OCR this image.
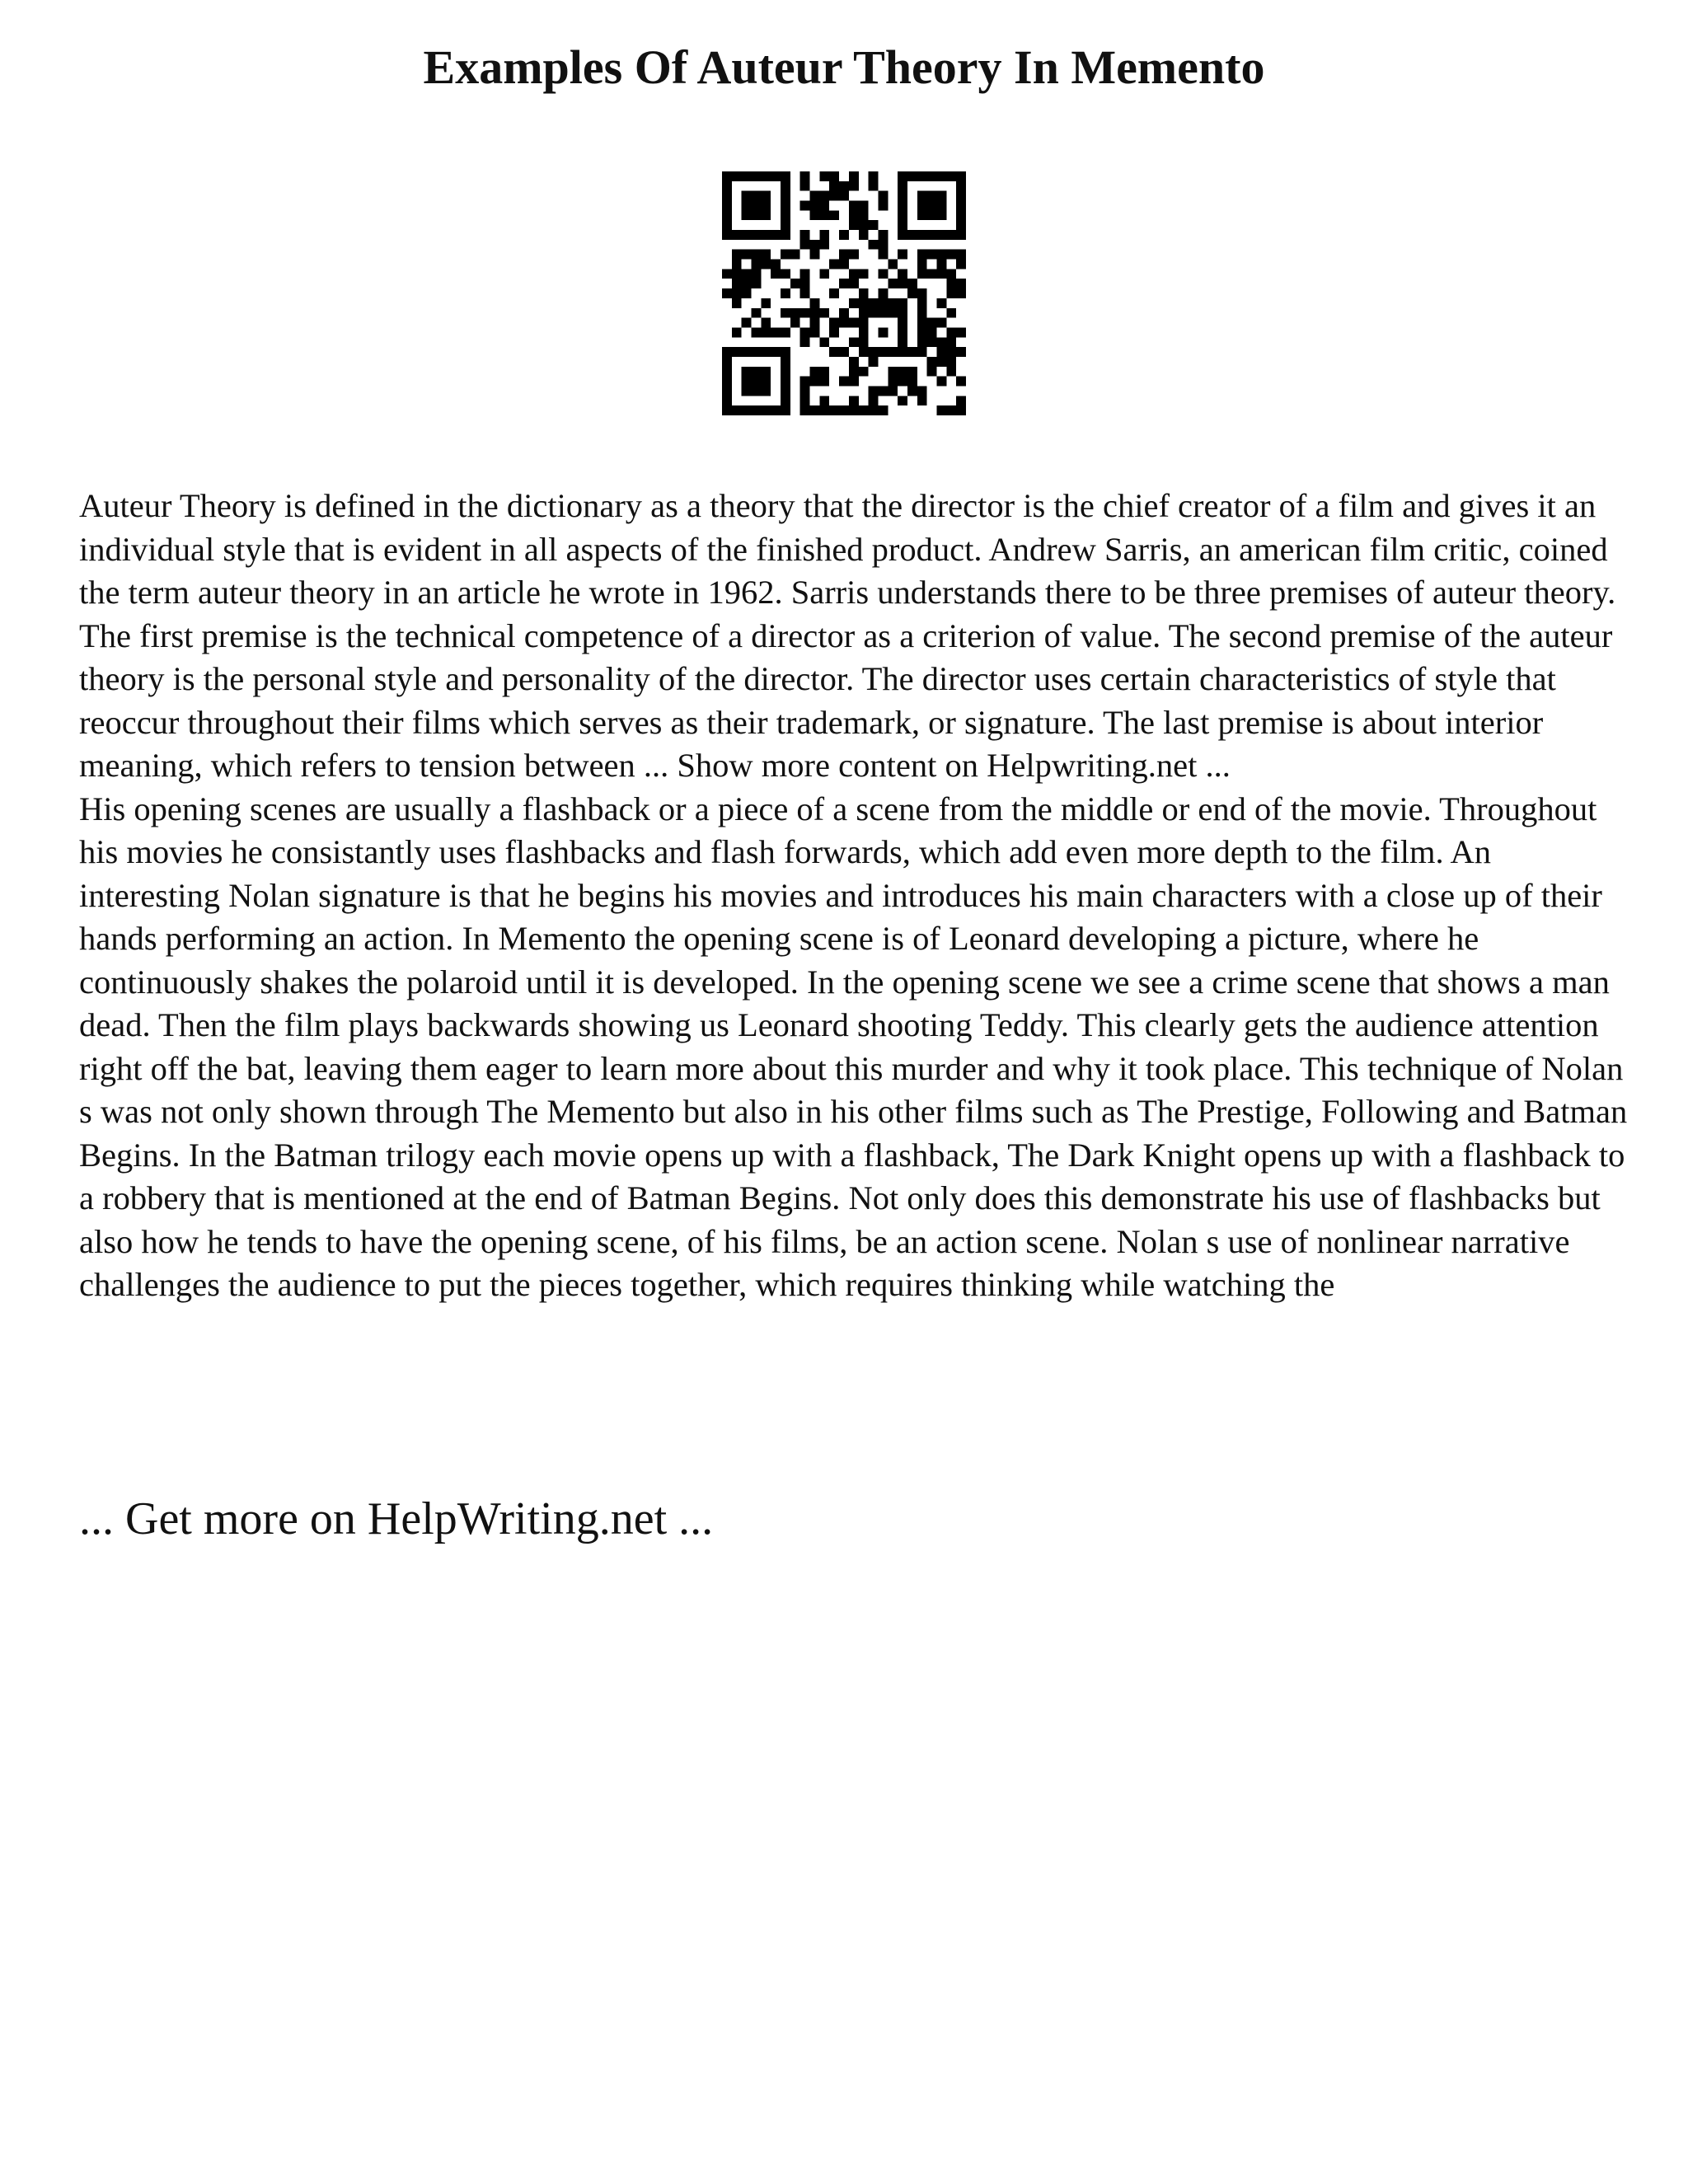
Examples Of Auteur Theory In Memento

Auteur Theory is defined in the dictionary as a theory that the director is the chief creator of a film and gives it an individual style that is evident in all aspects of the finished product. Andrew Sarris, an american film critic, coined the term auteur theory in an article he wrote in 1962. Sarris understands there to be three premises of auteur theory. The first premise is the technical competence of a director as a criterion of value. The second premise of the auteur theory is the personal style and personality of the director. The director uses certain characteristics of style that reoccur throughout their films which serves as their trademark, or signature. The last premise is about interior meaning, which refers to tension between ... Show more content on Helpwriting.net ...

His opening scenes are usually a flashback or a piece of a scene from the middle or end of the movie. Throughout his movies he consistantly uses flashbacks and flash forwards, which add even more depth to the film. An interesting Nolan signature is that he begins his movies and introduces his main characters with a close up of their hands performing an action. In Memento the opening scene is of Leonard developing a picture, where he continuously shakes the polaroid until it is developed. In the opening scene we see a crime scene that shows a man dead. Then the film plays backwards showing us Leonard shooting Teddy. This clearly gets the audience attention right off the bat, leaving them eager to learn more about this murder and why it took place. This technique of Nolan s was not only shown through The Memento but also in his other films such as The Prestige, Following and Batman Begins. In the Batman trilogy each movie opens up with a flashback, The Dark Knight opens up with a flashback to a robbery that is mentioned at the end of Batman Begins. Not only does this demonstrate his use of flashbacks but also how he tends to have the opening scene, of his films, be an action scene. Nolan s use of nonlinear narrative challenges the audience to put the pieces together, which requires thinking while watching the

... Get more on HelpWriting.net ...
